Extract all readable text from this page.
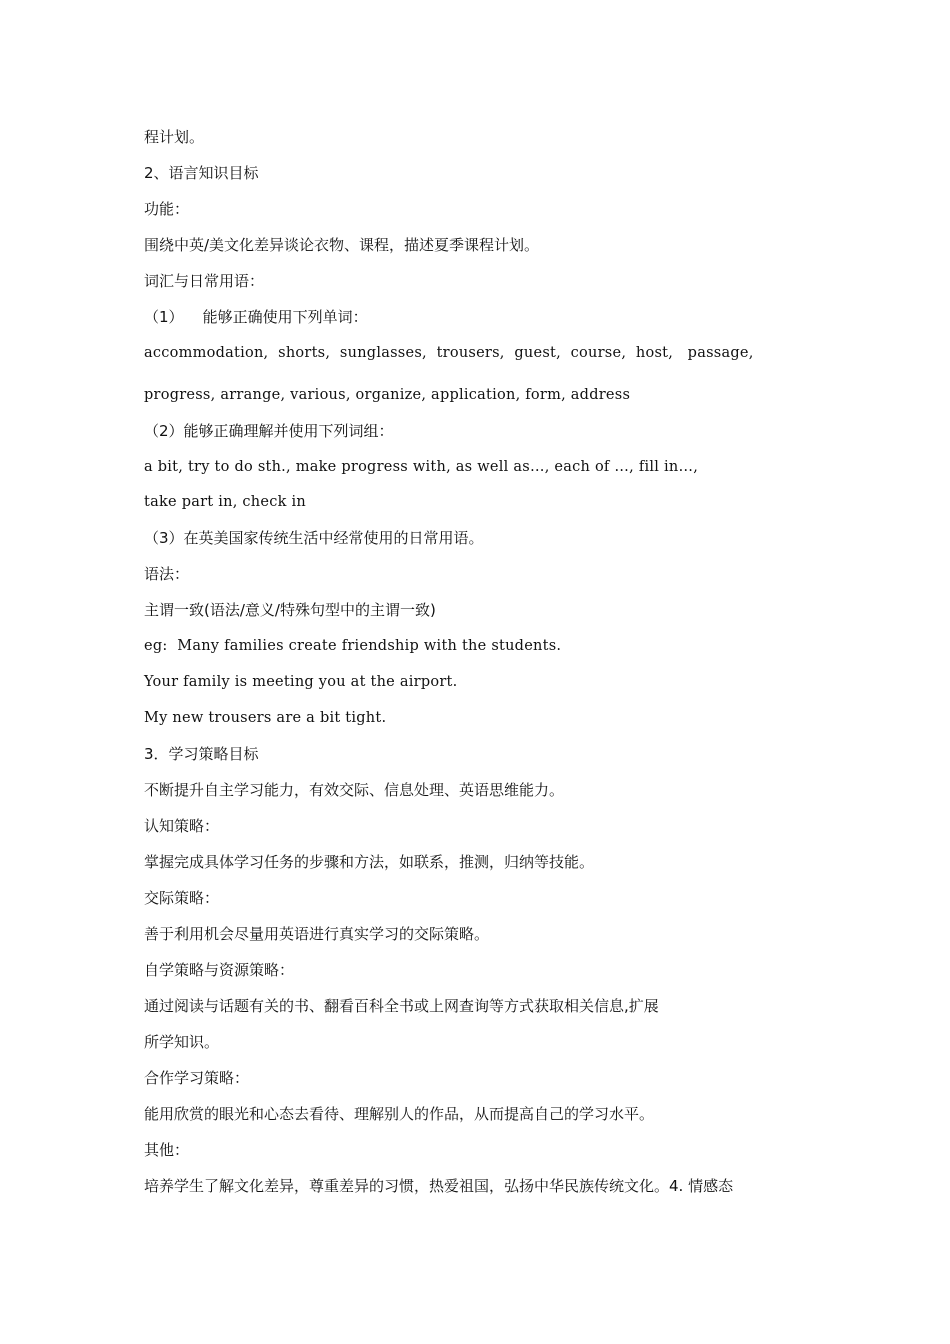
程计划。

2、语言知识目标

功能：

围绕中英/美文化差异谈论衣物、课程，描述夏季课程计划。

词汇与日常用语：

（1）    能够正确使用下列单词：

accommodation,  shorts,  sunglasses,  trousers,  guest,  course,  host,   passage,

progress, arrange, various, organize, application, form, address

（2）能够正确理解并使用下列词组：

a bit, try to do sth., make progress with, as well as…, each of …, fill in…,

take part in, check in

（3）在英美国家传统生活中经常使用的日常用语。

语法：

主谓一致(语法/意义/特殊句型中的主谓一致)

eg:  Many families create friendship with the students.

Your family is meeting you at the airport.

My new trousers are a bit tight.

3．学习策略目标

不断提升自主学习能力，有效交际、信息处理、英语思维能力。

认知策略：

掌握完成具体学习任务的步骤和方法，如联系，推测，归纳等技能。

交际策略：

善于利用机会尽量用英语进行真实学习的交际策略。

自学策略与资源策略：

通过阅读与话题有关的书、翻看百科全书或上网查询等方式获取相关信息,扩展

所学知识。

合作学习策略：

能用欣赏的眼光和心态去看待、理解别人的作品，从而提高自己的学习水平。

其他：

培养学生了解文化差异，尊重差异的习惯，热爱祖国，弘扬中华民族传统文化。4. 情感态
